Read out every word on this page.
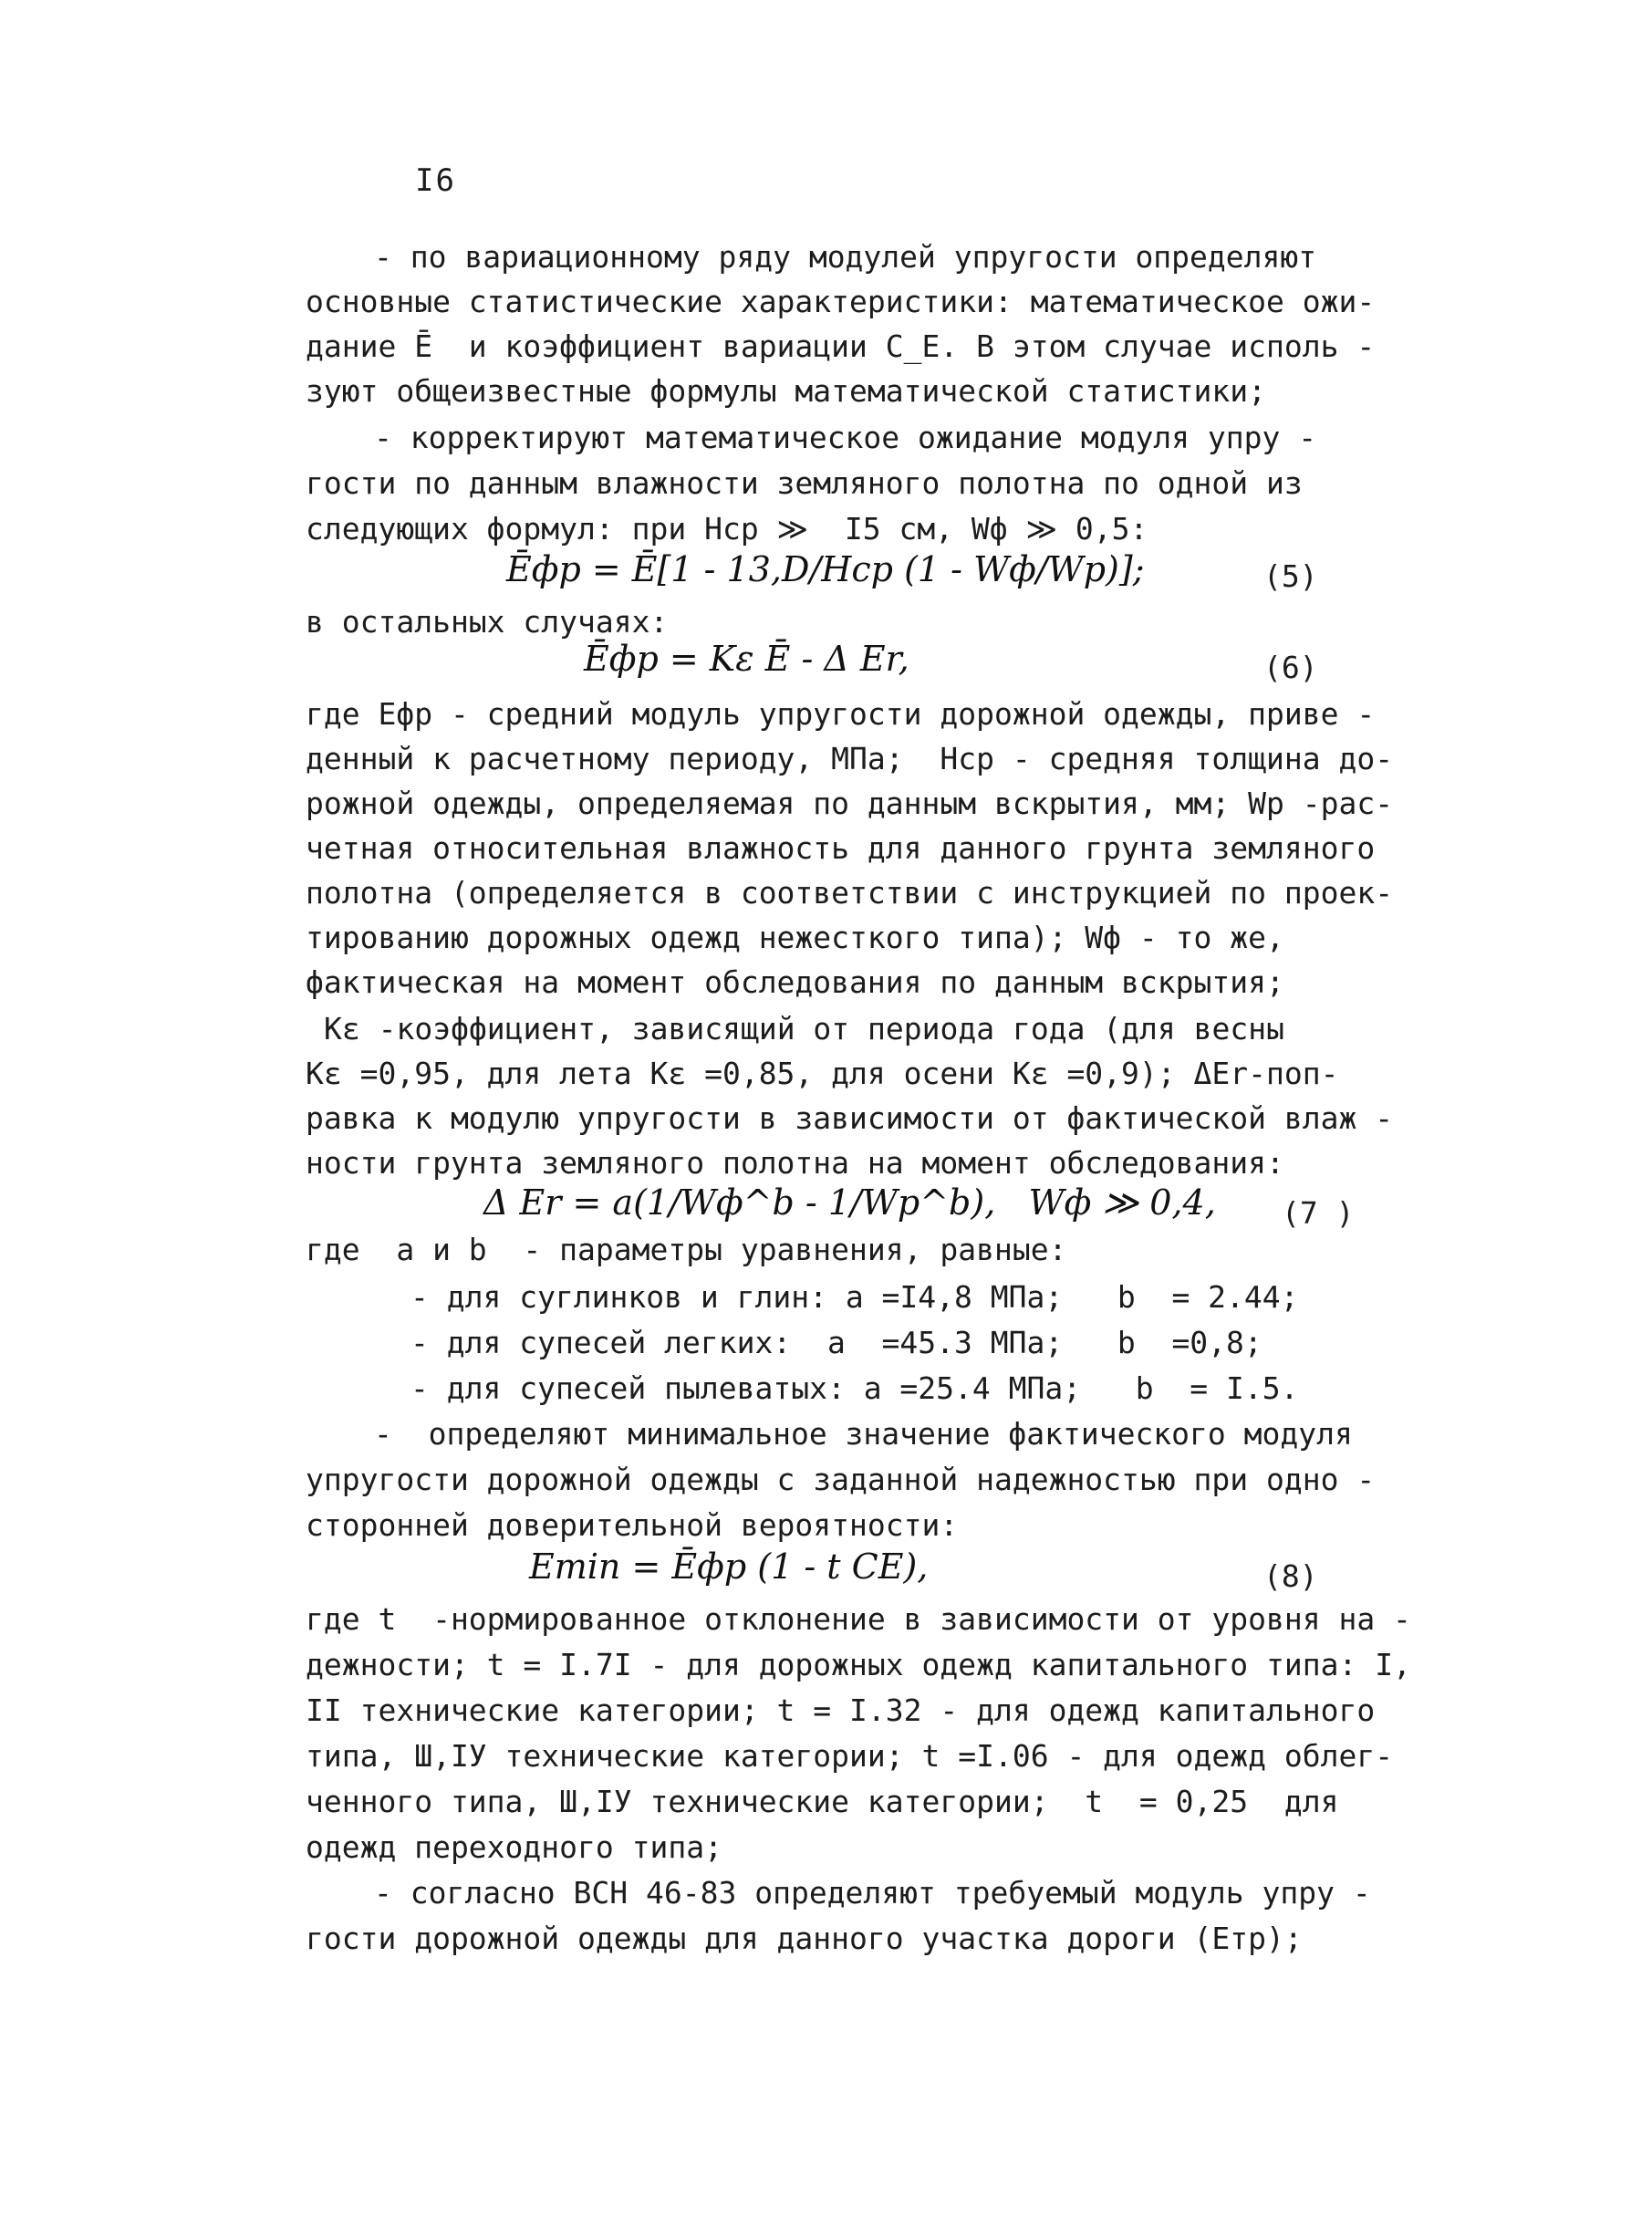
I6
- по вариационному ряду модулей упругости определяют
основные статистические характеристики: математическое ожи-
дание Ē  и коэффициент вариации C_E. В этом случае исполь -
зуют общеизвестные формулы математической статистики;
- корректируют математическое ожидание модуля упру -
гости по данным влажности земляного полотна по одной из
следующих формул: при Hср ≫  I5 см, Wф ≫ 0,5:
Ēфр = Ē[1 - 13,D/Hср (1 - Wф/Wр)];	(5)
в остальных случаях:
Ēфр = Kε Ē - Δ Er,	(6)
где Eфр - средний модуль упругости дорожной одежды, приве -
денный к расчетному периоду, МПа;  Hср - средняя толщина до-
рожной одежды, определяемая по данным вскрытия, мм; Wр -рас-
четная относительная влажность для данного грунта земляного
полотна (определяется в соответствии с инструкцией по проек-
тированию дорожных одежд нежесткого типа); Wф - то же,
фактическая на момент обследования по данным вскрытия;
Kε -коэффициент, зависящий от периода года (для весны
Kε =0,95, для лета Kε =0,85, для осени Kε =0,9); ΔEr-поп-
равка к модулю упругости в зависимости от фактической влаж -
ности грунта земляного полотна на момент обследования:
Δ Er = a(1/Wф^b - 1/Wр^b),   Wф ≫ 0,4, (7 )
где  a и b  - параметры уравнения, равные:
- для суглинков и глин: a =I4,8 МПа;   b  = 2.44;
- для супесей легких:  a  =45.3 МПа;   b  =0,8;
- для супесей пылеватых: a =25.4 МПа;   b  = I.5.
-  определяют минимальное значение фактического модуля
упругости дорожной одежды с заданной надежностью при одно -
сторонней доверительной вероятности:
Emin = Ēфр (1 - t CE),	(8)
где t  -нормированное отклонение в зависимости от уровня на -
дежности; t = I.7I - для дорожных одежд капитального типа: I,
II технические категории; t = I.32 - для одежд капитального
типа, Ш,IУ технические категории; t =I.06 - для одежд облег-
ченного типа, Ш,IУ технические категории;  t  = 0,25  для
одежд переходного типа;
- согласно ВСН 46-83 определяют требуемый модуль упру -
гости дорожной одежды для данного участка дороги (Eтр);
